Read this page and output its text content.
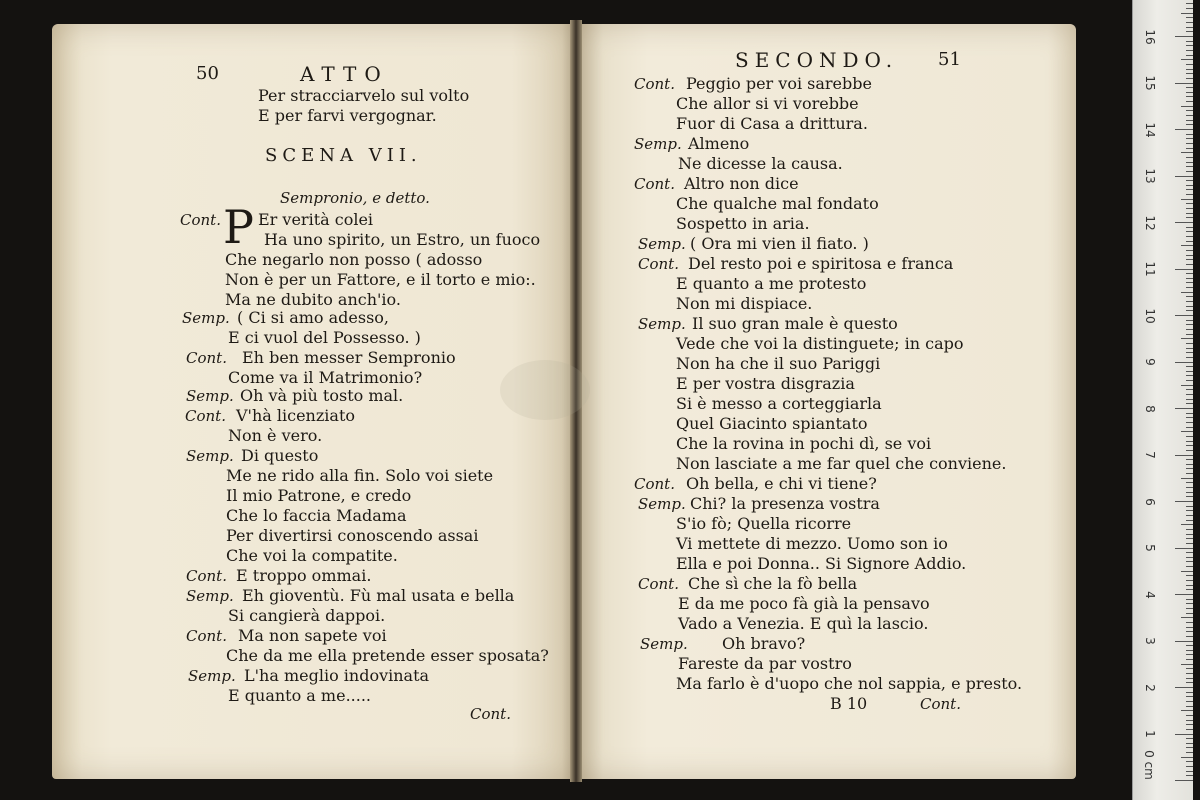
50	ATTO
Per stracciarvelo sul volto
E per farvi vergognar.
SCENA VII.
Sempronio, e detto.
Cont. P Er verità colei
Ha uno spirito, un Estro, un fuoco
Che negarlo non posso ( adosso
Non è per un Fattore, e il torto e mio:.
Ma ne dubito anch'io.
Semp. ( Ci si amo adesso,
E ci vuol del Possesso. )
Cont. Eh ben messer Sempronio
Come va il Matrimonio?
Semp. Oh và più tosto mal.
Cont. V'hà licenziato
Non è vero.
Semp. Di questo
Me ne rido alla fin. Solo voi siete
Il mio Patrone, e credo
Che lo faccia Madama
Per divertirsi conoscendo assai
Che voi la compatite.
Cont. E troppo ommai.
Semp. Eh gioventù. Fù mal usata e bella
Si cangierà dappoi.
Cont. Ma non sapete voi
Che da me ella pretende esser sposata?
Semp. L'ha meglio indovinata
E quanto a me.....
Cont.
SECONDO. 51
Cont. Peggio per voi sarebbe
Che allor si vi vorebbe
Fuor di Casa a drittura.
Semp. Almeno
Ne dicesse la causa.
Cont. Altro non dice
Che qualche mal fondato
Sospetto in aria.
Semp. ( Ora mi vien il fiato. )
Cont. Del resto poi e spiritosa e franca
E quanto a me protesto
Non mi dispiace.
Semp. Il suo gran male è questo
Vede che voi la distinguete; in capo
Non ha che il suo Pariggi
E per vostra disgrazia
Si è messo a corteggiarla
Quel Giacinto spiantato
Che la rovina in pochi dì, se voi
Non lasciate a me far quel che conviene.
Cont. Oh bella, e chi vi tiene?
Semp. Chi? la presenza vostra
S'io fò; Quella ricorre
Vi mettete di mezzo. Uomo son io
Ella e poi Donna.. Si Signore Addio.
Cont. Che sì che la fò bella
E da me poco fà già la pensavo
Vado a Venezia. E quì la lascio.
Semp. Oh bravo?
Fareste da par vostro
Ma farlo è d'uopo che nol sappia, e presto.
B 10	Cont.
0 cm
1
2
3
4
5
6
7
8
9
10
11
12
13
14
15
16
